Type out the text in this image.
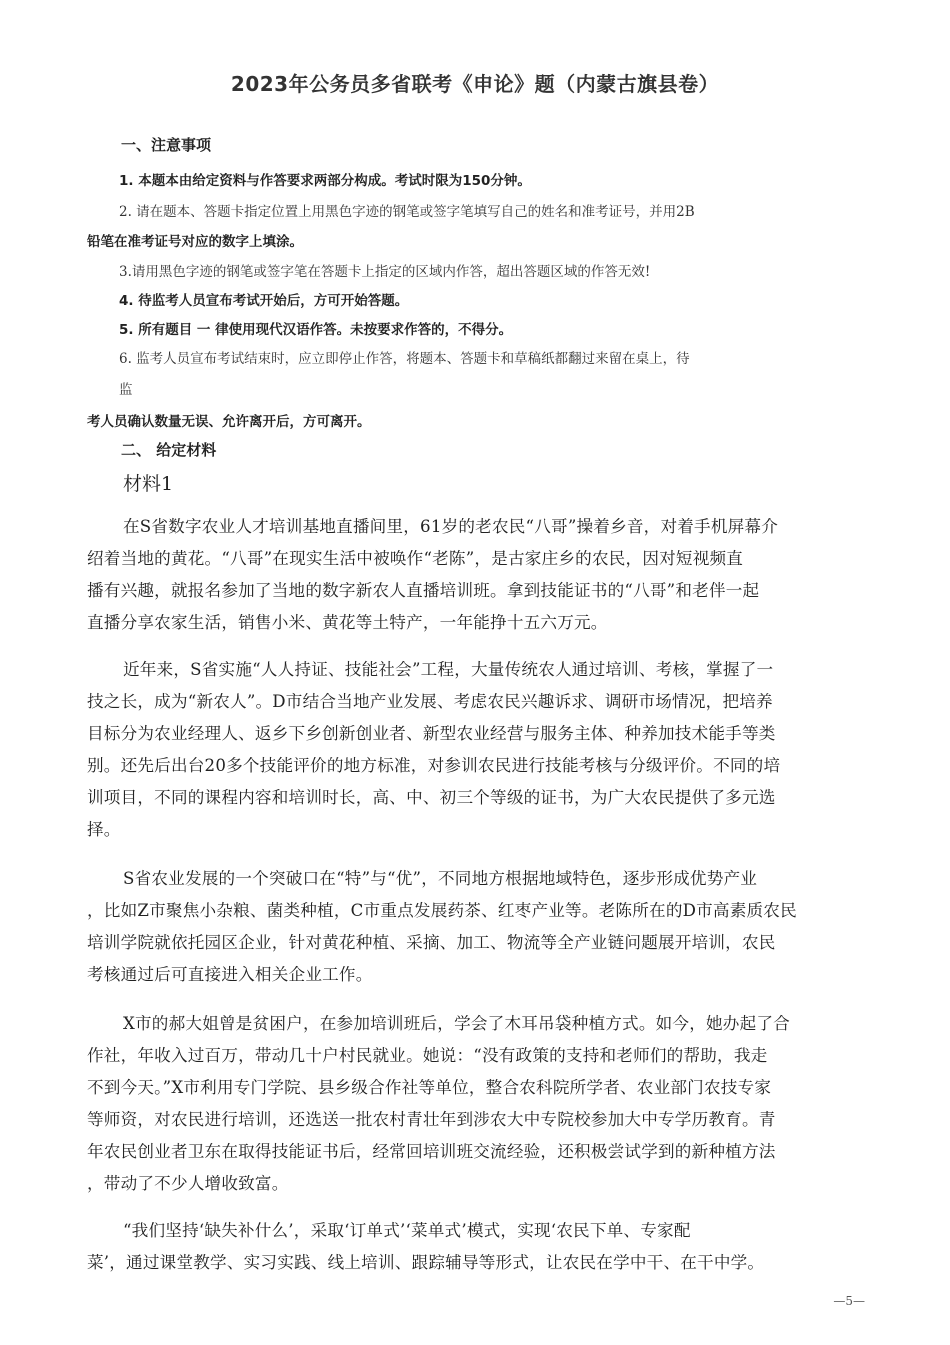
2023年公务员多省联考《申论》题（内蒙古旗县卷）
一、注意事项
1. 本题本由给定资料与作答要求两部分构成。考试时限为150分钟。
2. 请在题本、答题卡指定位置上用黑色字迹的钢笔或签字笔填写自己的姓名和准考证号，并用2B
铅笔在准考证号对应的数字上填涂。
3.请用黑色字迹的钢笔或签字笔在答题卡上指定的区域内作答，超出答题区域的作答无效!
4. 待监考人员宣布考试开始后，方可开始答题。
5. 所有题目 一 律使用现代汉语作答。未按要求作答的，不得分。
6. 监考人员宣布考试结束时，应立即停止作答，将题本、答题卡和草稿纸都翻过来留在桌上，待
监
考人员确认数量无误、允许离开后，方可离开。
二、 给定材料
材料1
在S省数字农业人才培训基地直播间里，61岁的老农民“八哥”操着乡音，对着手机屏幕介
绍着当地的黄花。“八哥”在现实生活中被唤作“老陈”，是古家庄乡的农民，因对短视频直
播有兴趣，就报名参加了当地的数字新农人直播培训班。拿到技能证书的“八哥”和老伴一起
直播分享农家生活，销售小米、黄花等土特产，一年能挣十五六万元。
近年来，S省实施“人人持证、技能社会”工程，大量传统农人通过培训、考核，掌握了一
技之长，成为“新农人”。D市结合当地产业发展、考虑农民兴趣诉求、调研市场情况，把培养
目标分为农业经理人、返乡下乡创新创业者、新型农业经营与服务主体、种养加技术能手等类
别。还先后出台20多个技能评价的地方标准，对参训农民进行技能考核与分级评价。不同的培
训项目，不同的课程内容和培训时长，高、中、初三个等级的证书，为广大农民提供了多元选
择。
S省农业发展的一个突破口在“特”与“优”，不同地方根据地域特色，逐步形成优势产业
，比如Z市聚焦小杂粮、菌类种植，C市重点发展药茶、红枣产业等。老陈所在的D市高素质农民
培训学院就依托园区企业，针对黄花种植、采摘、加工、物流等全产业链问题展开培训，农民
考核通过后可直接进入相关企业工作。
X市的郝大姐曾是贫困户，在参加培训班后，学会了木耳吊袋种植方式。如今，她办起了合
作社，年收入过百万，带动几十户村民就业。她说：“没有政策的支持和老师们的帮助，我走
不到今天。”X市利用专门学院、县乡级合作社等单位，整合农科院所学者、农业部门农技专家
等师资，对农民进行培训，还选送一批农村青壮年到涉农大中专院校参加大中专学历教育。青
年农民创业者卫东在取得技能证书后，经常回培训班交流经验，还积极尝试学到的新种植方法
，带动了不少人增收致富。
“我们坚持‘缺失补什么’，采取‘订单式’‘菜单式’模式，实现‘农民下单、专家配
菜’，通过课堂教学、实习实践、线上培训、跟踪辅导等形式，让农民在学中干、在干中学。
—5—
